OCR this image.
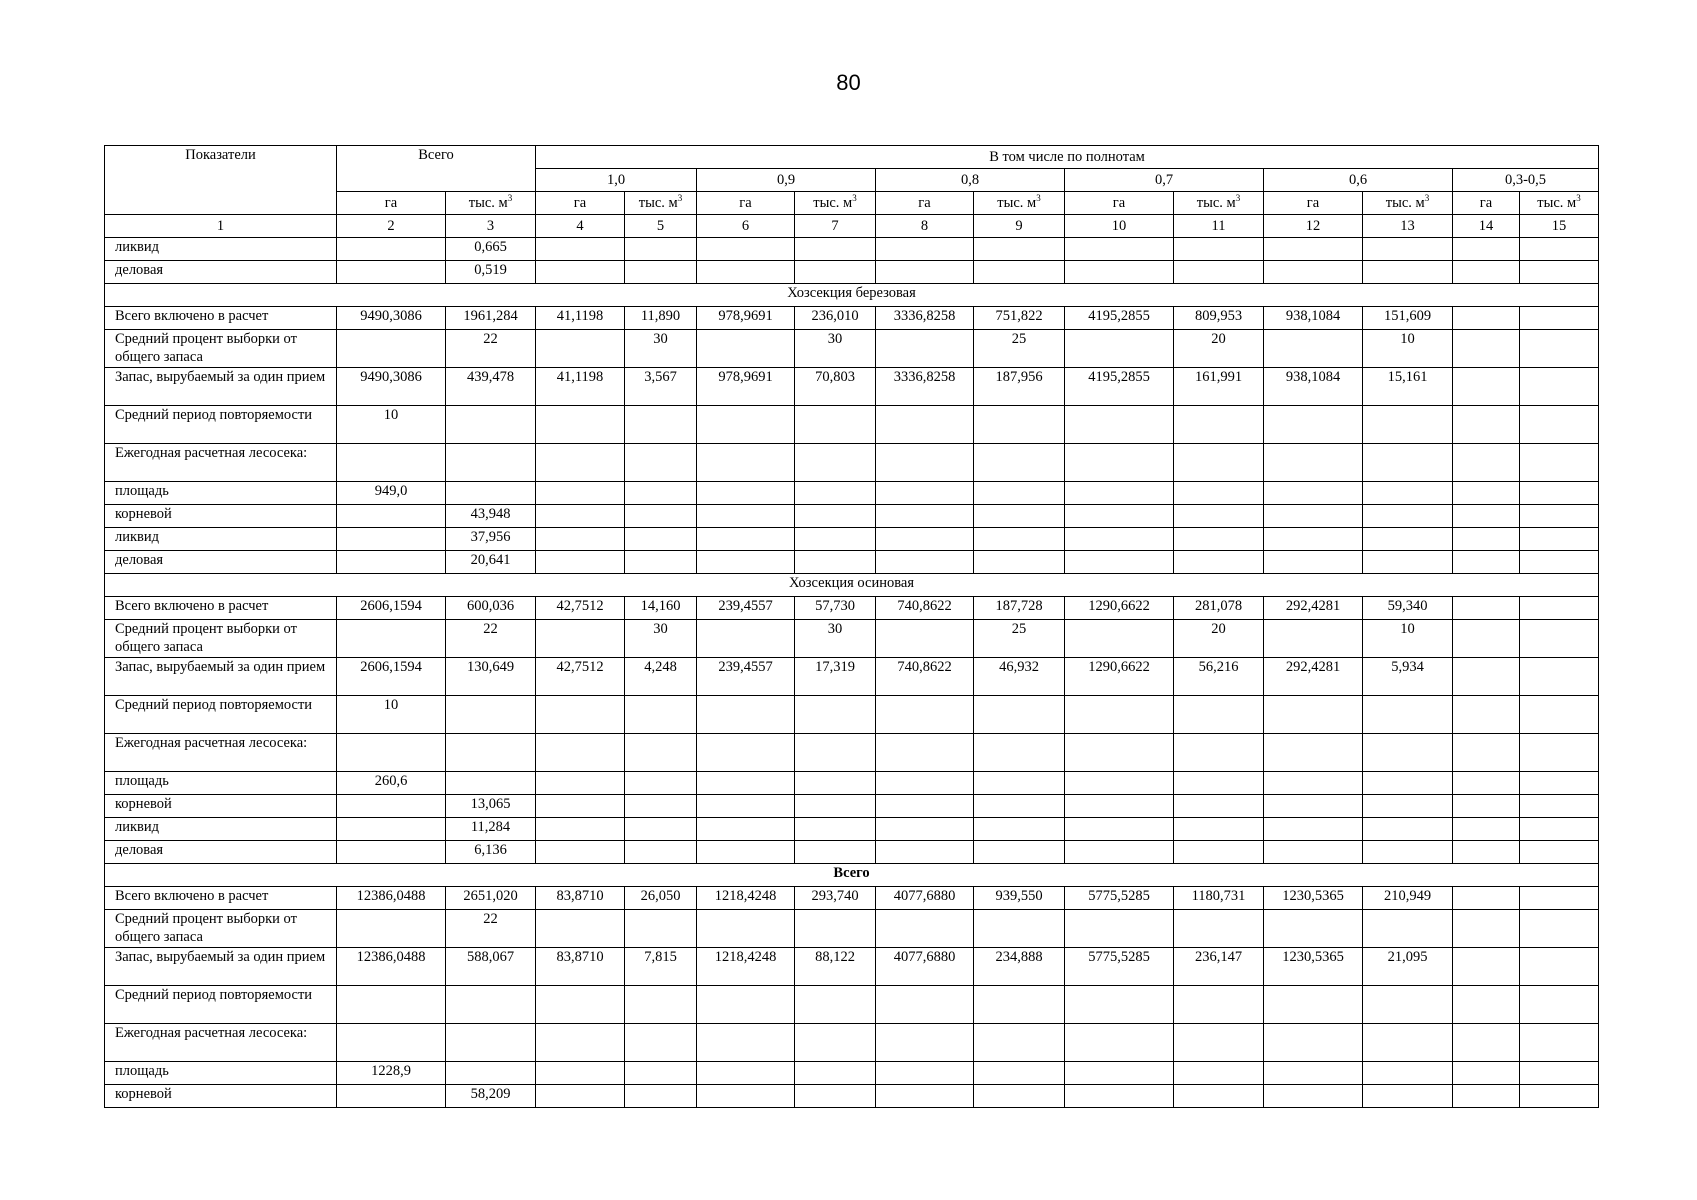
80
Показатели	Всего		В том числе по полнотам											
			1,0		0,9		0,8		0,7		0,6		0,3-0,5	
	га	тыс. $м^3$	га	тыс. $м^3$	га	тыс. $м^3$	га	тыс. $м^3$	га	тыс. $м^3$	га	тыс. $м^3$	га	тыс. $м^3$
1	2	3	4	5	6	7	8	9	10	11	12	13	14	15
ликвид		0,665												
деловая		0,519												
Хозсекция березовая														
Всего включено в расчет	9490,3086	1961,284	41,1198	11,890	978,9691	236,010	3336,8258	751,822	4195,2855	809,953	938,1084	151,609		
Средний процент выборки от общего запаса		22		30		30		25		20		10		
Запас, вырубаемый за один прием	9490,3086	439,478	41,1198	3,567	978,9691	70,803	3336,8258	187,956	4195,2855	161,991	938,1084	15,161		
Средний период повторяемости	10													
Ежегодная расчетная лесосека:														
площадь	949,0													
корневой		43,948												
ликвид		37,956												
деловая		20,641												
Хозсекция осиновая														
Всего включено в расчет	2606,1594	600,036	42,7512	14,160	239,4557	57,730	740,8622	187,728	1290,6622	281,078	292,4281	59,340		
Средний процент выборки от общего запаса		22		30		30		25		20		10		
Запас, вырубаемый за один прием	2606,1594	130,649	42,7512	4,248	239,4557	17,319	740,8622	46,932	1290,6622	56,216	292,4281	5,934		
Средний период повторяемости	10													
Ежегодная расчетная лесосека:														
площадь	260,6													
корневой		13,065												
ликвид		11,284												
деловая		6,136												
Всего														
Всего включено в расчет	12386,0488	2651,020	83,8710	26,050	1218,4248	293,740	4077,6880	939,550	5775,5285	1180,731	1230,5365	210,949		
Средний процент выборки от общего запаса		22												
Запас, вырубаемый за один прием	12386,0488	588,067	83,8710	7,815	1218,4248	88,122	4077,6880	234,888	5775,5285	236,147	1230,5365	21,095		
Средний период повторяемости														
Ежегодная расчетная лесосека:														
площадь	1228,9													
корневой		58,209												
